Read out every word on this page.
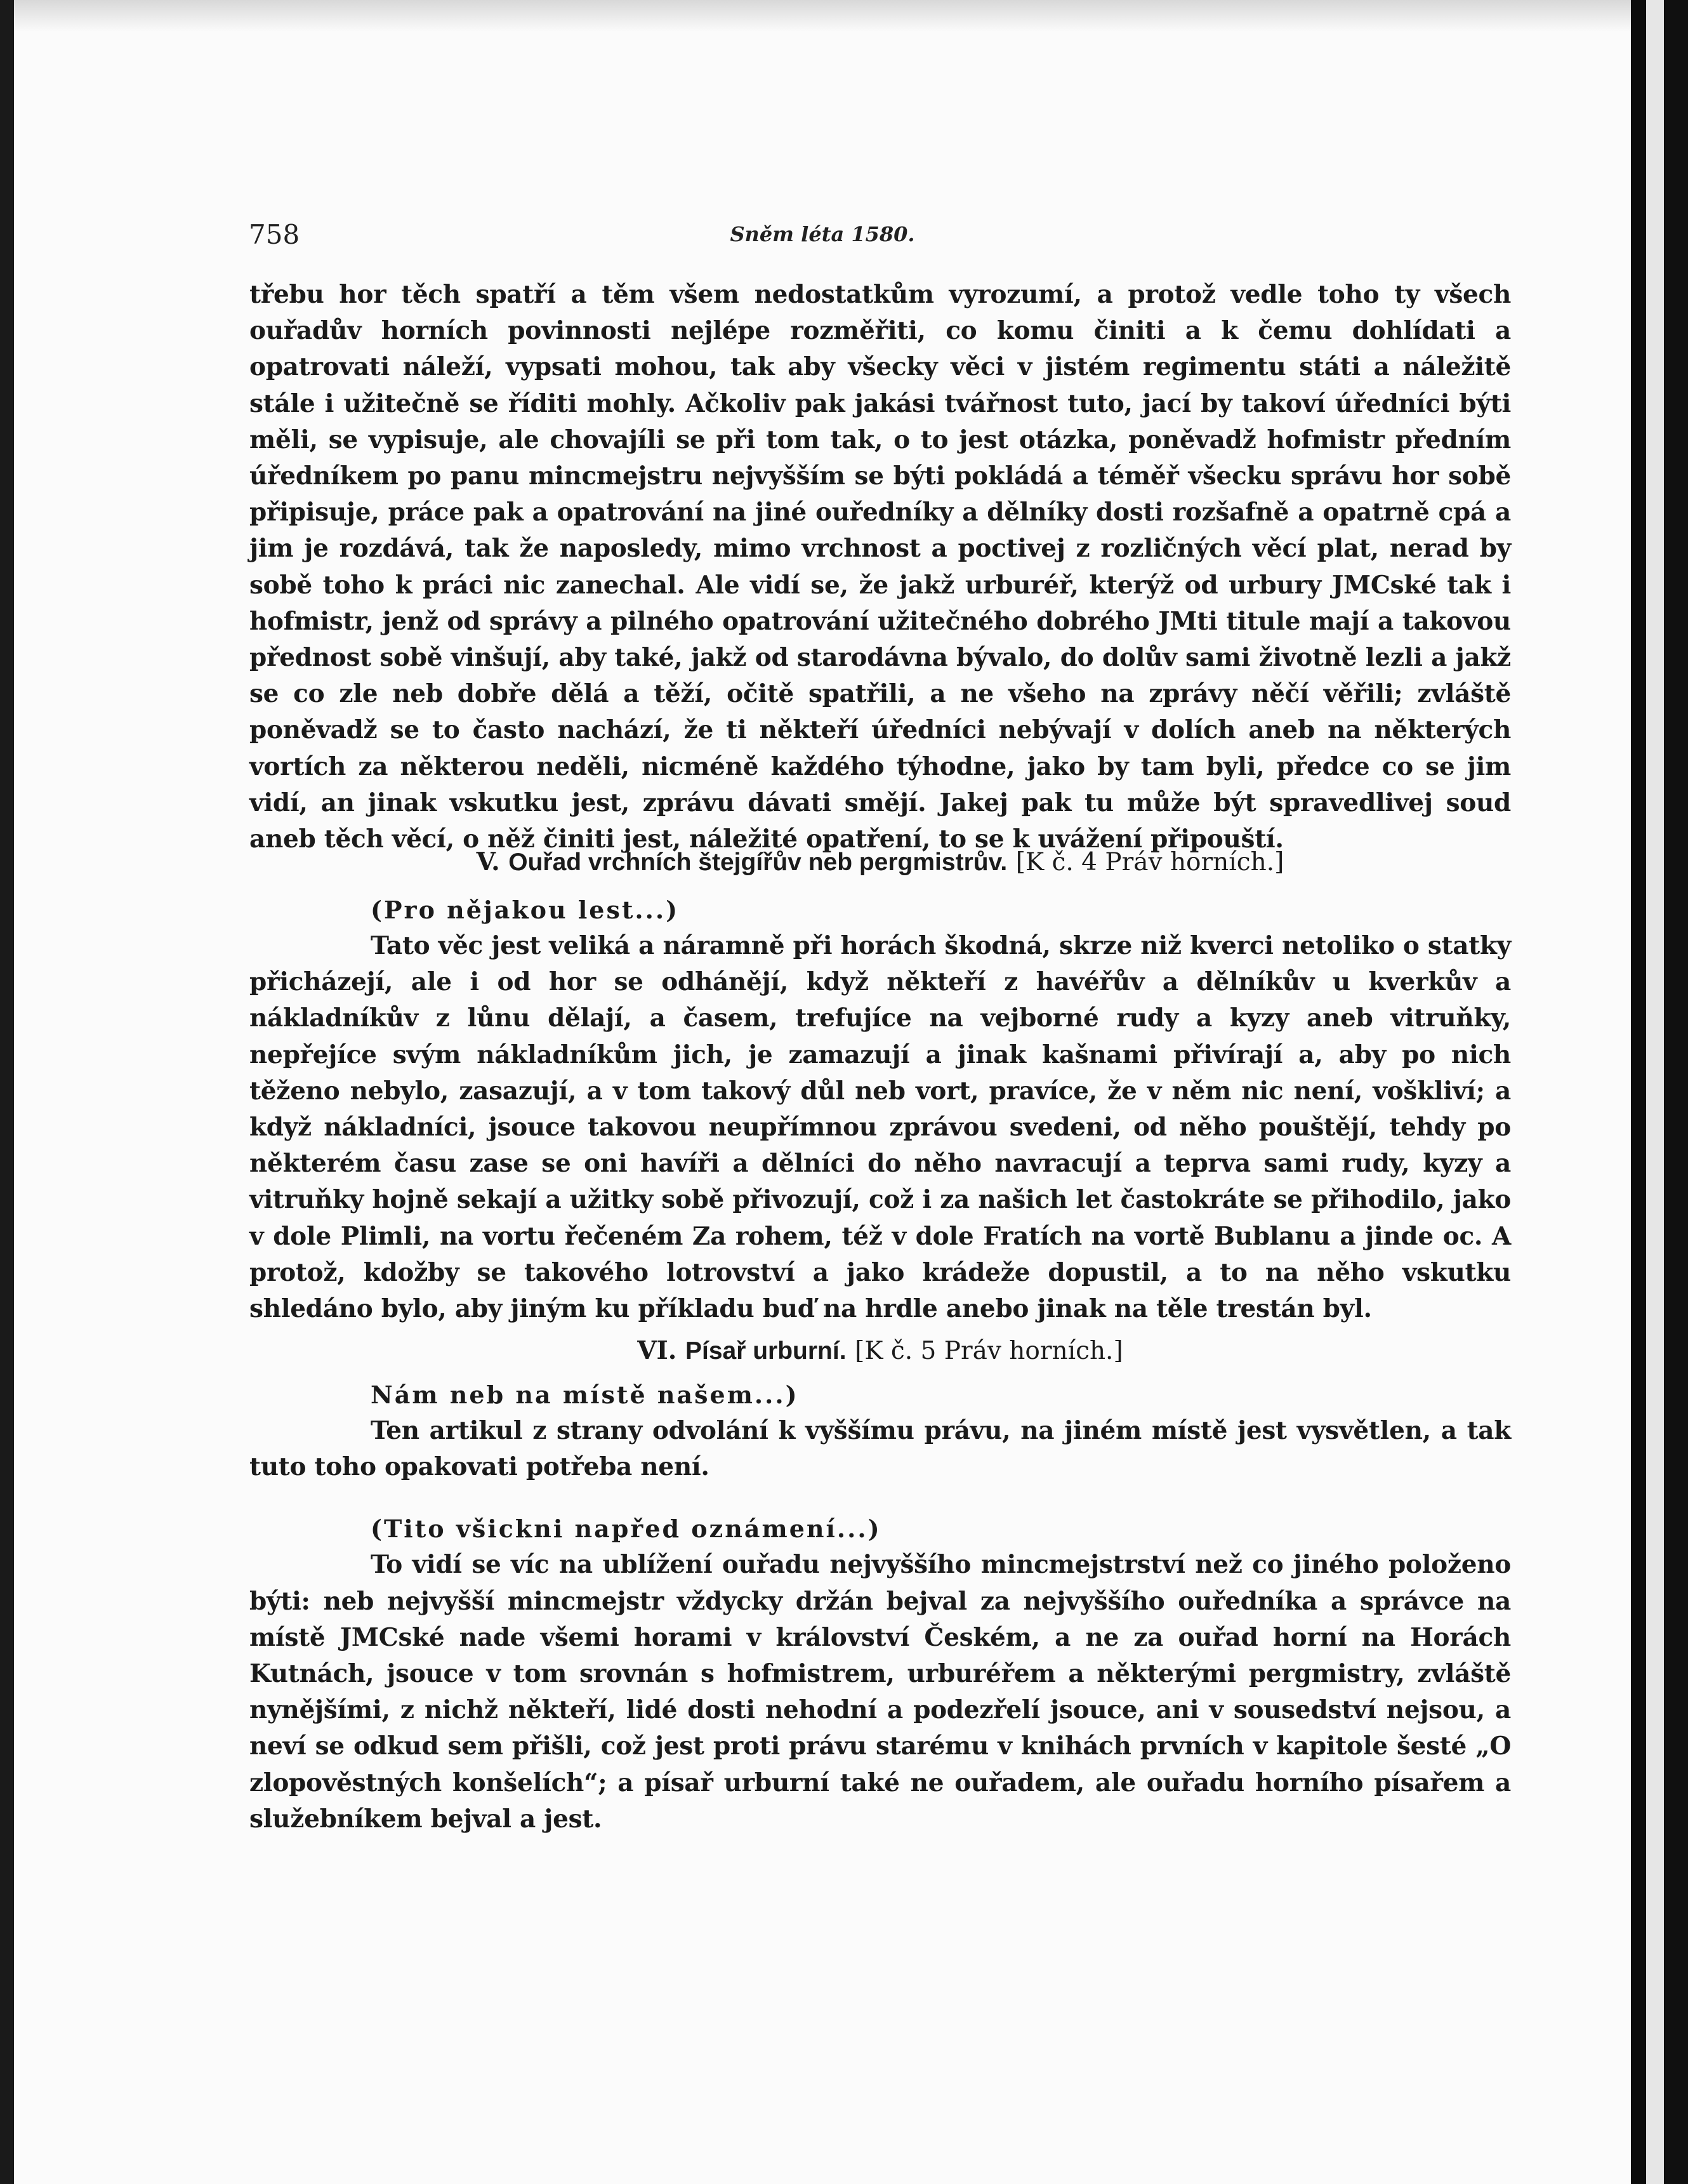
758	Sněm léta 1580.

třebu hor těch spatří a těm všem nedostatkům vyrozumí, a protož vedle toho ty všech ouřadův horních povinnosti nejlépe rozměřiti, co komu činiti a k čemu dohlídati a opatrovati náleží, vypsati mohou, tak aby všecky věci v jistém regimentu státi a náležitě stále i užitečně se říditi mohly. Ačkoliv pak jakási tvářnost tuto, jací by takoví úředníci býti měli, se vypisuje, ale chovajíli se při tom tak, o to jest otázka, poněvadž hofmistr předním úředníkem po panu mincmejstru nejvyšším se býti pokládá a téměř všecku správu hor sobě připisuje, práce pak a opatrování na jiné ouředníky a dělníky dosti rozšafně a opatrně cpá a jim je rozdává, tak že naposledy, mimo vrchnost a poctivej z rozličných věcí plat, nerad by sobě toho k práci nic zanechal. Ale vidí se, že jakž urburéř, kterýž od urbury JMCské tak i hofmistr, jenž od správy a pilného opatrování užitečného dobrého JMti titule mají a takovou přednost sobě vinšují, aby také, jakž od starodávna bývalo, do dolův sami životně lezli a jakž se co zle neb dobře dělá a těží, očitě spatřili, a ne všeho na zprávy něčí věřili; zvláště poněvadž se to často nachází, že ti někteří úředníci nebývají v dolích aneb na některých vortích za některou neděli, nicméně každého týhodne, jako by tam byli, předce co se jim vidí, an jinak vskutku jest, zprávu dávati smějí. Jakej pak tu může být spravedlivej soud aneb těch věcí, o něž činiti jest, náležité opatření, to se k uvážení připouští.

V. Ouřad vrchních štejgířův neb pergmistrův. [K č. 4 Práv horních.]

(Pro nějakou lest...)

Tato věc jest veliká a náramně při horách škodná, skrze niž kverci netoliko o statky přicházejí, ale i od hor se odhánějí, když někteří z havéřův a dělníkův u kverkův a nákladníkův z lůnu dělají, a časem, trefujíce na vejborné rudy a kyzy aneb vitruňky, nepřejíce svým nákladníkům jich, je zamazují a jinak kašnami přivírají a, aby po nich těženo nebylo, zasazují, a v tom takový důl neb vort, pravíce, že v něm nic není, voškliví; a když nákladníci, jsouce takovou neupřímnou zprávou svedeni, od něho pouštějí, tehdy po některém času zase se oni havíři a dělníci do něho navracují a teprva sami rudy, kyzy a vitruňky hojně sekají a užitky sobě přivozují, což i za našich let častokráte se přihodilo, jako v dole Plimli, na vortu řečeném Za rohem, též v dole Fratích na vortě Bublanu a jinde oc. A protož, kdožby se takového lotrovství a jako krádeže dopustil, a to na něho vskutku shledáno bylo, aby jiným ku příkladu buď na hrdle anebo jinak na těle trestán byl.

VI. Písař urburní. [K č. 5 Práv horních.]

Nám neb na místě našem...)

Ten artikul z strany odvolání k vyššímu právu, na jiném místě jest vysvětlen, a tak tuto toho opakovati potřeba není.

(Tito všickni napřed oznámení...)

To vidí se víc na ublížení ouřadu nejvyššího mincmejstrství než co jiného položeno býti: neb nejvyšší mincmejstr vždycky držán bejval za nejvyššího ouředníka a správce na místě JMCské nade všemi horami v království Českém, a ne za ouřad horní na Horách Kutnách, jsouce v tom srovnán s hofmistrem, urburéřem a některými pergmistry, zvláště nynějšími, z nichž někteří, lidé dosti nehodní a podezřelí jsouce, ani v sousedství nejsou, a neví se odkud sem přišli, což jest proti právu starému v knihách prvních v kapitole šesté „O zlopověstných konšelích“; a písař urburní také ne ouřadem, ale ouřadu horního písařem a služebníkem bejval a jest.
